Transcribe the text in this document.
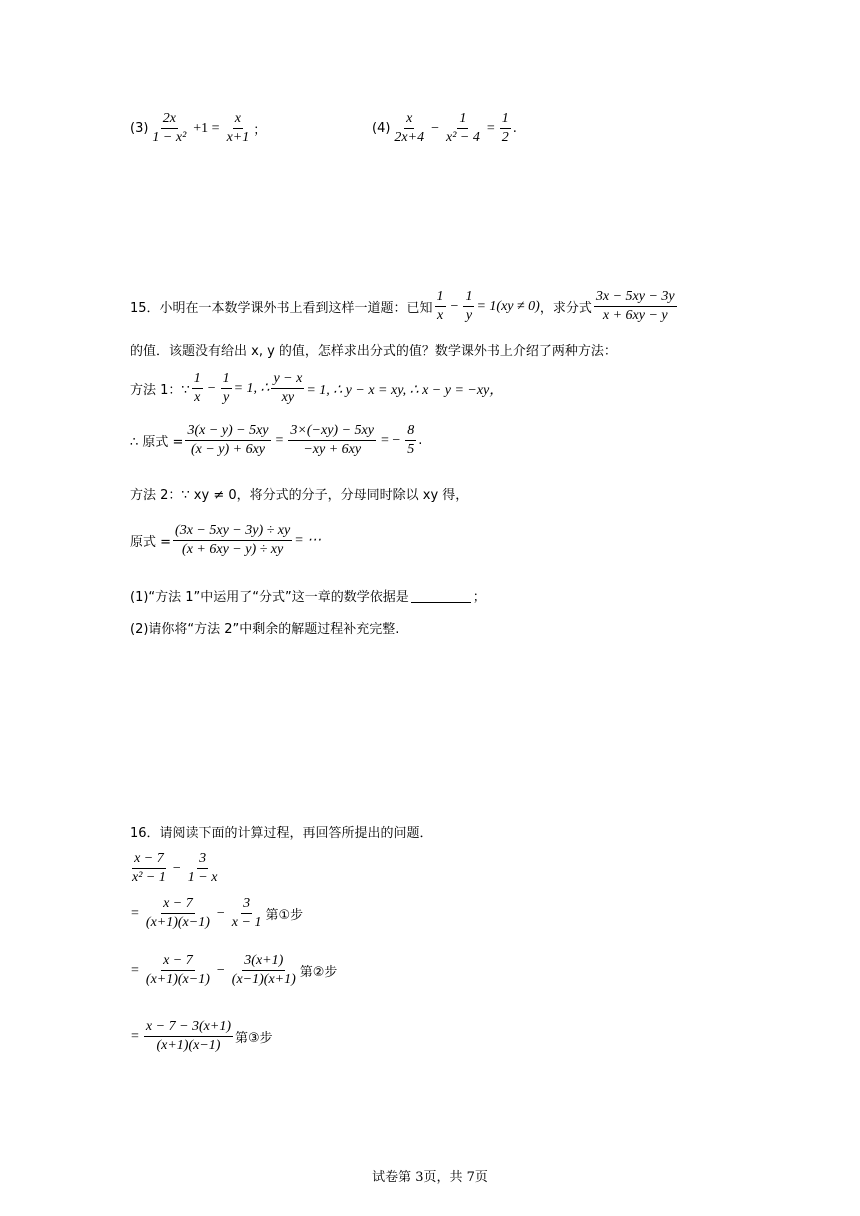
$(3) \frac{2x}{\text{1 − x²}} +1 = \frac{x}{x+1}$ ；	$(4) \frac{x}{2x+4} - \frac{1}{\text{x² − 4}} = \frac{1}{2}$ .
15．小明在一本数学课外书上看到这样一道题：已知 $\frac{1}{x} - \frac{1}{y} = 1(xy \ne 0)$ ，求分式 $\frac{3x - 5xy - 3y}{x + 6xy - y}$
的值．该题没有给出 x, y 的值，怎样求出分式的值？数学课外书上介绍了两种方法：
方法 1：∵ $\frac{1}{x} - \frac{1}{y} = 1$, ∴ $\frac{y - x}{xy} = 1$, ∴ y − x = xy, ∴ x − y = −xy，
∴ 原式 = $\frac{3(x - y) - 5xy}{(x - y) + 6xy} = \frac{3\times(-xy) - 5xy}{-xy + 6xy}$ = − $\frac{8}{5}$ .
方法 2：∵ xy ≠ 0，将分式的分子，分母同时除以 xy 得，
原式 = $\frac{(3x - 5xy - 3y) \div xy}{(x + 6xy - y) \div xy}$ = ⋯
(1)“方法 1”中运用了“分式”这一章的数学依据是	；
(2)请你将“方法 2”中剩余的解题过程补充完整.
16．请阅读下面的计算过程，再回答所提出的问题．
$\frac{x - 7}{\text{x² − 1}} - \frac{3}{1 - x}$
= $\frac{x - 7}{(x+1)(x-1)} - \frac{3}{x - 1}$ 第①步
= $\frac{x - 7}{(x+1)(x-1)} - \frac{3(x+1)}{(x-1)(x+1)}$ 第②步
= $\frac{x - 7 - 3(x+1)}{(x+1)(x-1)}$ 第③步
试卷第 3页，共 7页
